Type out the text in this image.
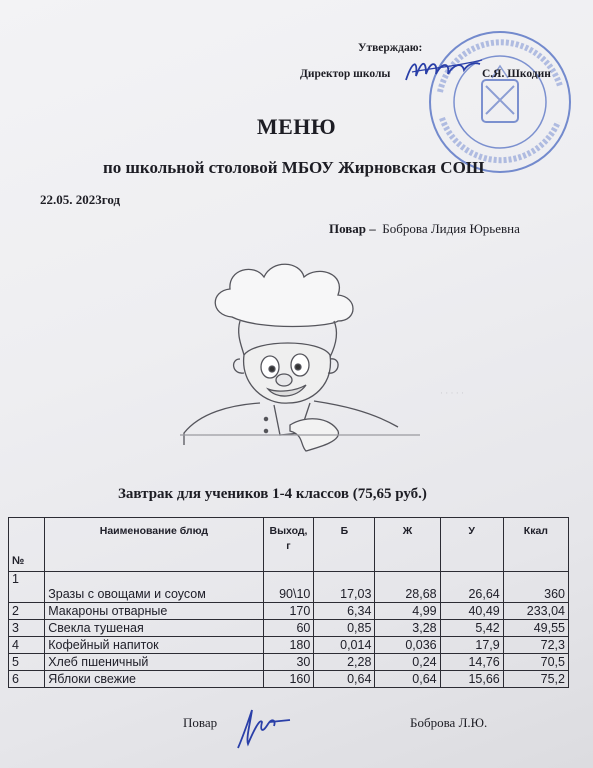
Утверждаю:
Директор школы	С.Я. Шкодин
МЕНЮ
по школьной столовой МБОУ Жирновская СОШ
22.05. 2023год
Повар – Боброва Лидия Юрьевна
· · · · ·
Завтрак для учеников 1-4 классов (75,65 руб.)
№	Наименование блюд	Выход, г	Б	Ж	У	Ккал
1	Зразы с овощами и соусом	90\10	17,03	28,68	26,64	360
2	Макароны отварные	170	6,34	4,99	40,49	233,04
3	Свекла тушеная	60	0,85	3,28	5,42	49,55
4	Кофейный напиток	180	0,014	0,036	17,9	72,3
5	Хлеб пшеничный	30	2,28	0,24	14,76	70,5
6	Яблоки свежие	160	0,64	0,64	15,66	75,2
Повар	Боброва Л.Ю.
